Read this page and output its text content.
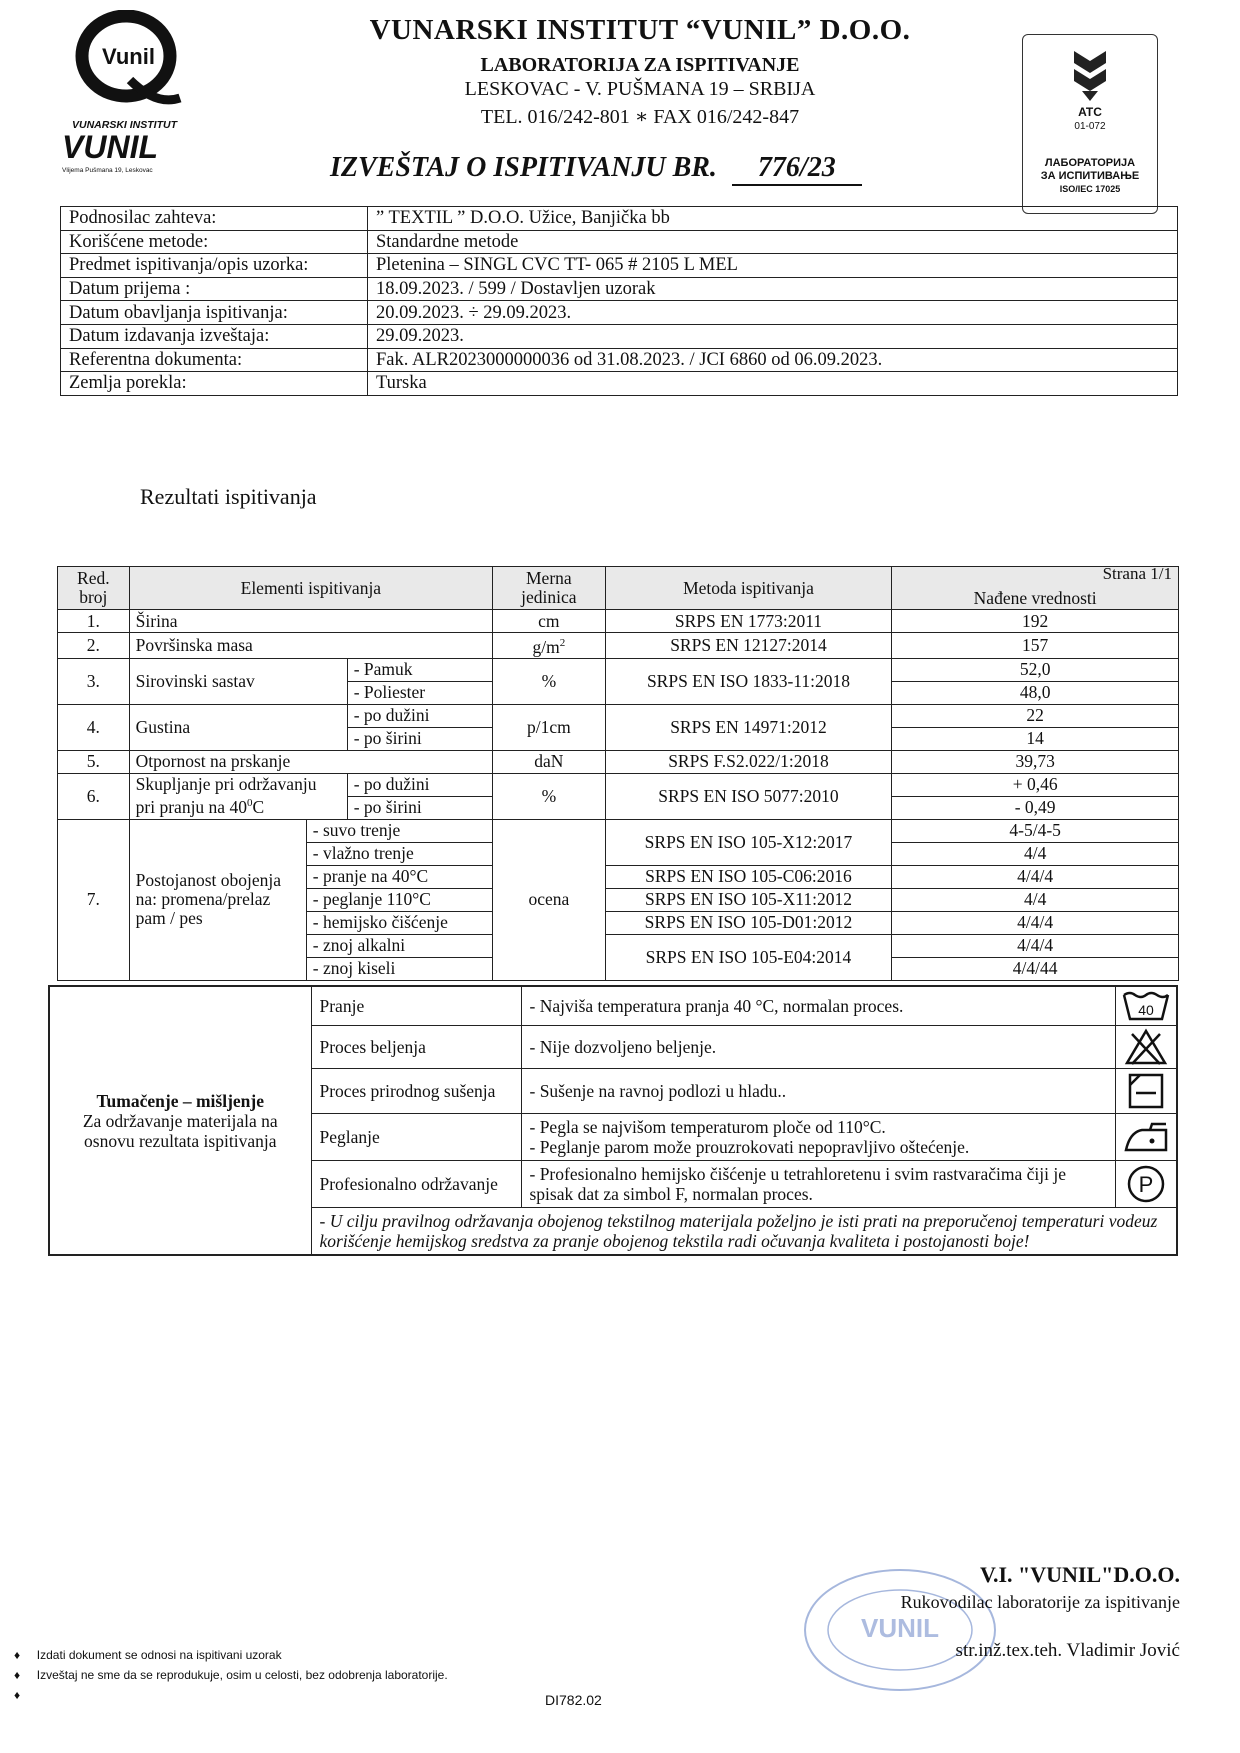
Vunil
VUNARSKI INSTITUT
VUNIL
Vlijema Pušmana 19, Leskovac
VUNARSKI INSTITUT “VUNIL” D.O.O.
LABORATORIJA ZA ISPITIVANJE
LESKOVAC - V. PUŠMANA 19 – SRBIJA
TEL. 016/242-801 ∗ FAX 016/242-847
IZVEŠTAJ O ISPITIVANJU BR. 776/23
ATC
01-072
ЛАБОРАТОРИЈА
ЗА ИСПИТИВАЊЕ
ISO/IEC 17025
Podnosilac zahteva:	” TEXTIL ” D.O.O. Užice, Banjička bb
Korišćene metode:	Standardne metode
Predmet ispitivanja/opis uzorka:	Pletenina – SINGL CVC TT- 065 # 2105 L MEL
Datum prijema :	18.09.2023. / 599 / Dostavljen uzorak
Datum obavljanja ispitivanja:	20.09.2023. ÷ 29.09.2023.
Datum izdavanja izveštaja:	29.09.2023.
Referentna dokumenta:	Fak. ALR2023000000036 od 31.08.2023. / JCI 6860 od 06.09.2023.
Zemlja porekla:	Turska
Rezultati ispitivanja
Red. broj	Elementi ispitivanja			Merna jedinica	Metoda ispitivanja	Strana 1/1
Nađene vrednosti

1.	Širina			cm	SRPS EN 1773:2011	192
2.	Površinska masa			$g/m^2$	SRPS EN 12127:2014	157
3.	Sirovinski sastav		- Pamuk	%	SRPS EN ISO 1833-11:2018	52,0
			- Poliester			48,0
4.	Gustina		- po dužini	p/1cm	SRPS EN 14971:2012	22
			- po širini			14
5.	Otpornost na prskanje			daN	SRPS F.S2.022/1:2018	39,73
6.	Skupljanje pri održavanju
pri pranju na $40^0C$		- po dužini	%	SRPS EN ISO 5077:2010	+ 0,46
			- po širini			- 0,49
7.	Postojanost obojenja na: promena/prelaz pam / pes	- suvo trenje		ocena	SRPS EN ISO 105-X12:2017	4-5/4-5
		- vlažno trenje				4/4
		- pranje na 40°C			SRPS EN ISO 105-C06:2016	4/4/4
		- peglanje 110°C			SRPS EN ISO 105-X11:2012	4/4
		- hemijsko čišćenje			SRPS EN ISO 105-D01:2012	4/4/4
		- znoj alkalni			SRPS EN ISO 105-E04:2014	4/4/4
		- znoj kiseli				4/4/44
Tumačenje – mišljenje
Za održavanje materijala na osnovu rezultata ispitivanja	Pranje	- Najviša temperatura pranja 40 °C, normalan proces.	40

	Proces beljenja	- Nije dozvoljeno beljenje.	

	Proces prirodnog sušenja	- Sušenje na ravnoj podlozi u hladu..	

	Peglanje	- Pegla se najvišom temperaturom ploče od 110°C.
- Peglanje parom može prouzrokovati nepopravljivo oštećenje.

	Profesionalno održavanje	- Profesionalno hemijsko čišćenje u tetrahloretenu i svim rastvaračima čiji je spisak dat za simbol F, normalan proces.	P

	- U cilju pravilnog održavanja obojenog tekstilnog materijala poželjno je isti prati na preporučenoj temperaturi vodeuz korišćenje hemijskog sredstva za pranje obojenog tekstila radi očuvanja kvaliteta i postojanosti boje!		
VUNIL
V.I. "VUNIL"D.O.O.
Rukovodilac laboratorije za ispitivanje
str.inž.tex.teh. Vladimir Jović
♦     Izdati dokument se odnosi na ispitivani uzorak
♦     Izveštaj ne sme da se reprodukuje, osim u celosti, bez odobrenja laboratorije.
♦	DI782.02
